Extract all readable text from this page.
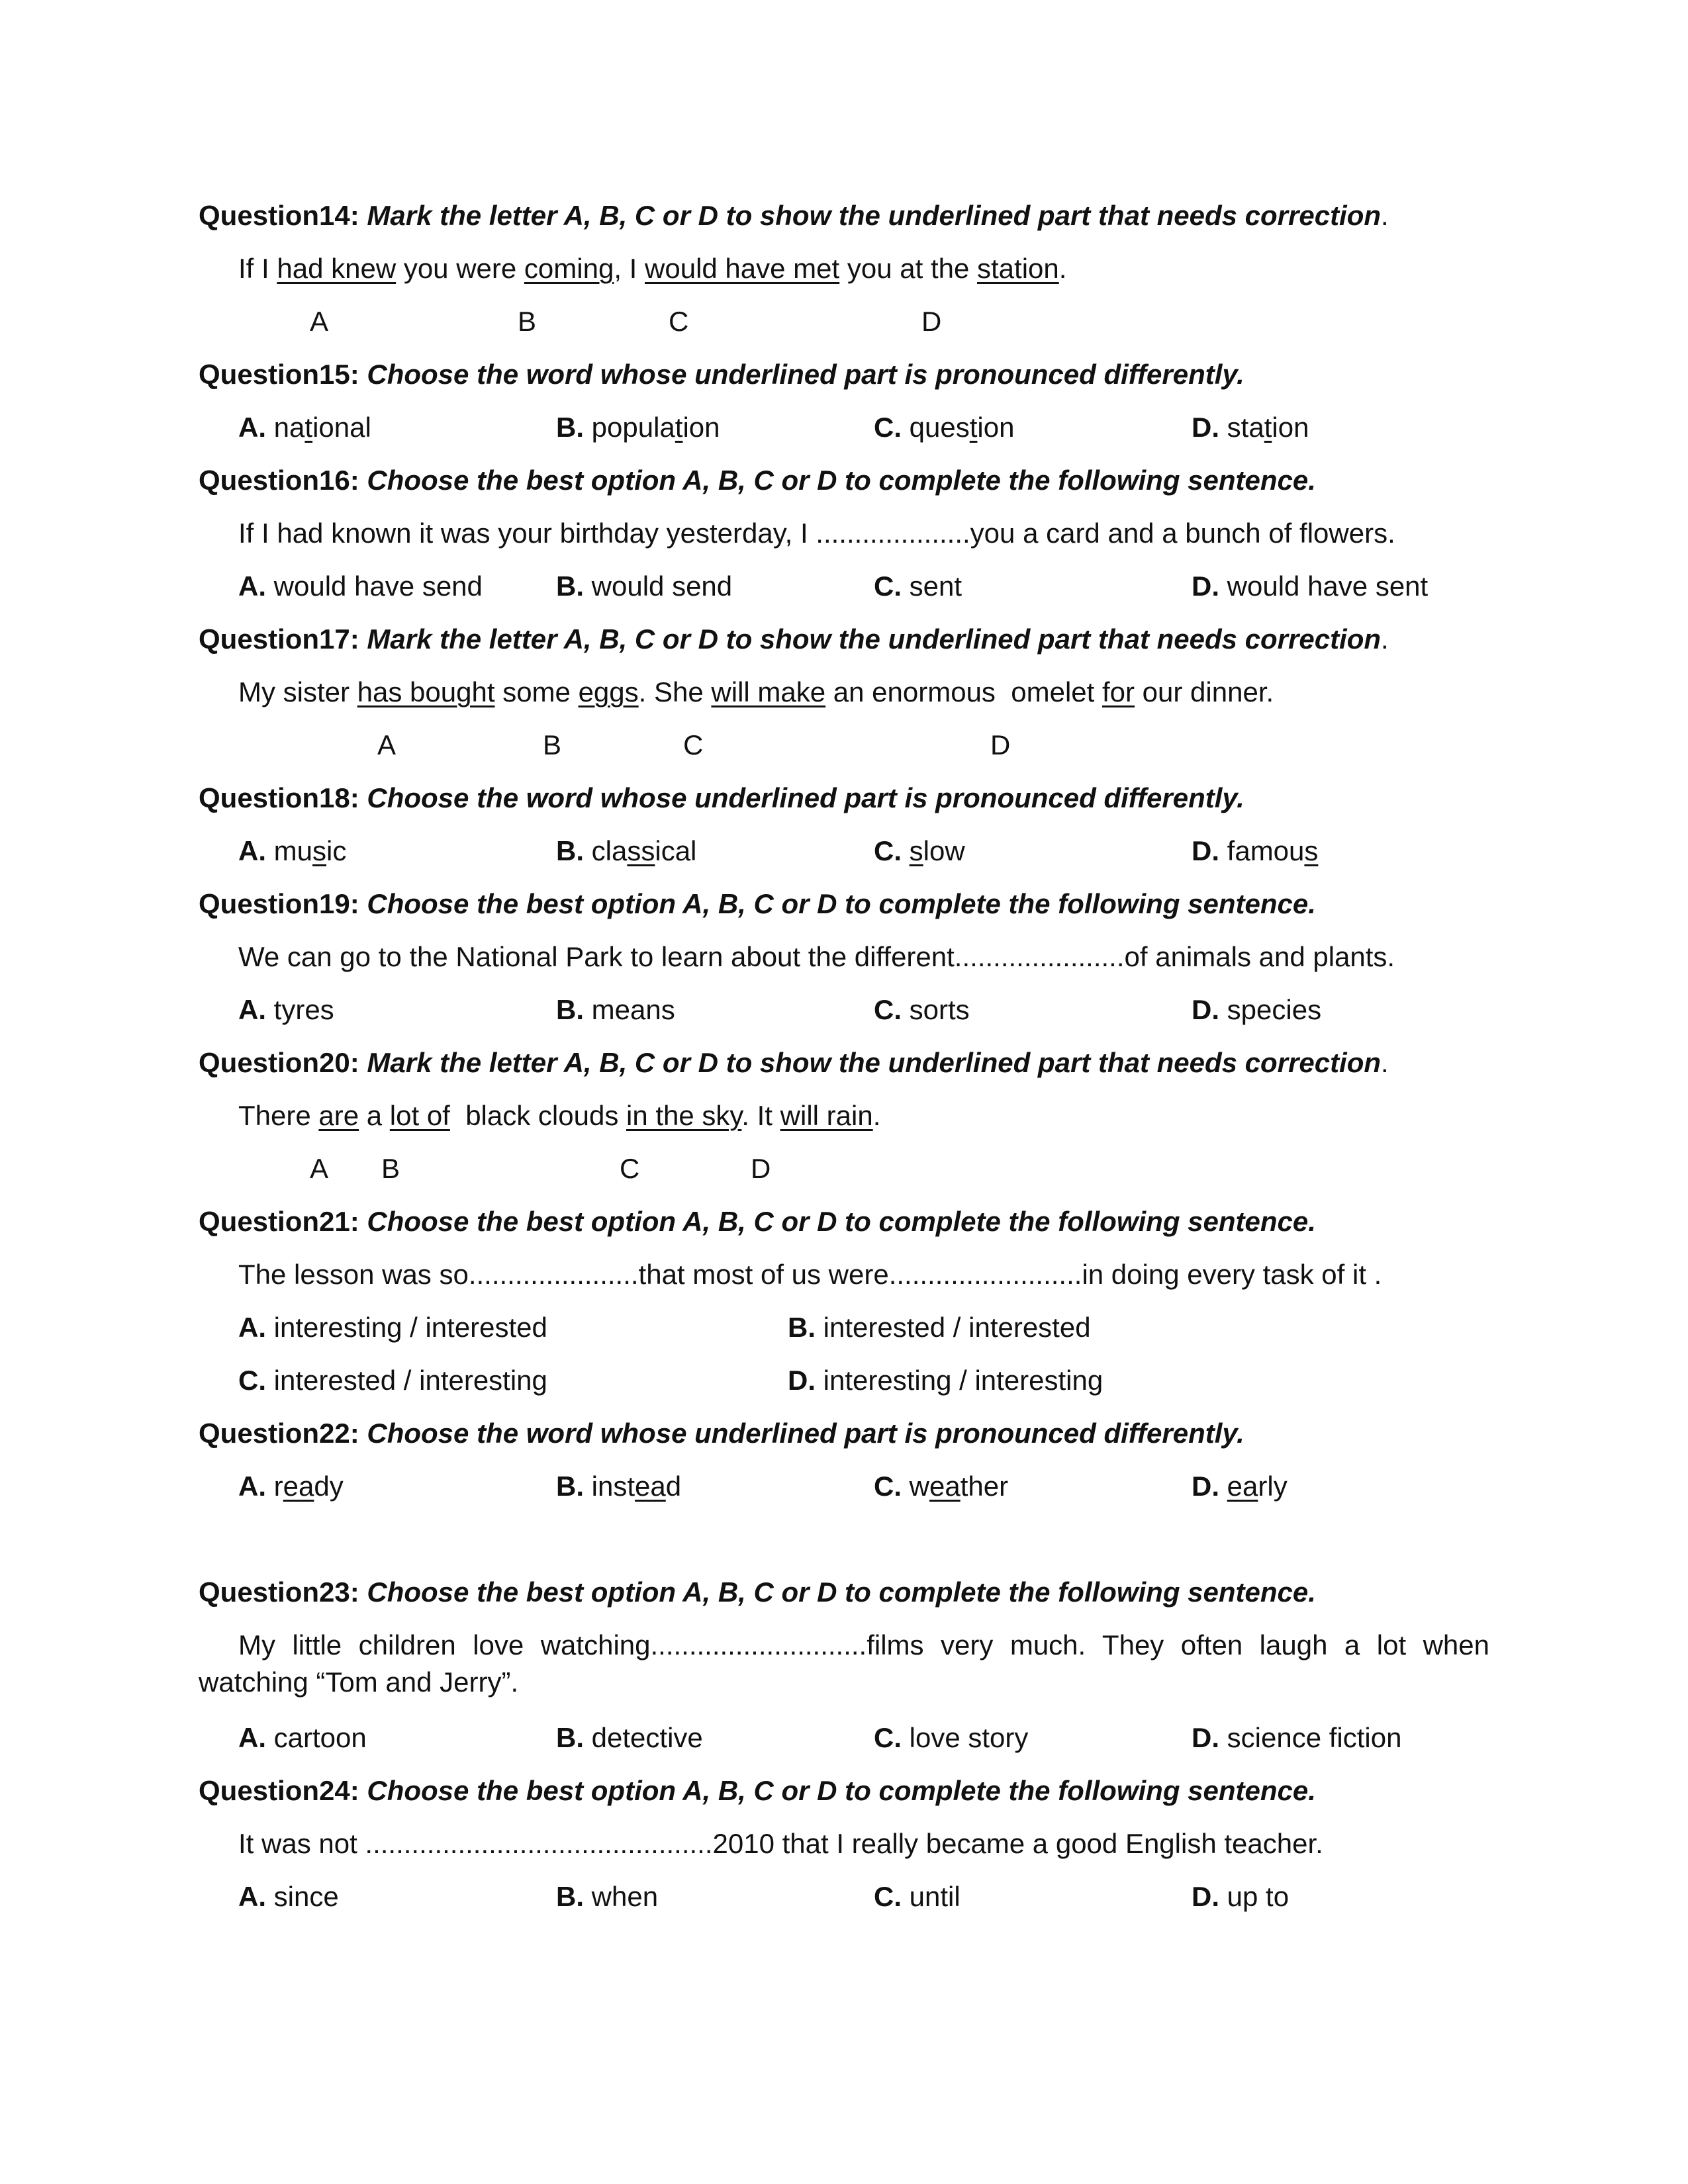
Question14: Mark the letter A, B, C or D to show the underlined part that needs correction.
If I had knew you were coming, I would have met you at the station.
A	B	C	D
Question15: Choose the word whose underlined part is pronounced differently.
A. national	B. population	C. question	D. station
Question16: Choose the best option A, B, C or D to complete the following sentence.
If I had known it was your birthday yesterday, I ....................you a card and a bunch of flowers.
A. would have send	B. would send	C. sent	D. would have sent
Question17: Mark the letter A, B, C or D to show the underlined part that needs correction.
My sister has bought some eggs. She will make an enormous  omelet for our dinner.
A	B	C	D
Question18: Choose the word whose underlined part is pronounced differently.
A. music	B. classical	C. slow	D. famous
Question19: Choose the best option A, B, C or D to complete the following sentence.
We can go to the National Park to learn about the different......................of animals and plants.
A. tyres	B. means	C. sorts	D. species
Question20: Mark the letter A, B, C or D to show the underlined part that needs correction.
There are a lot of  black clouds in the sky. It will rain.
A B	C	D
Question21: Choose the best option A, B, C or D to complete the following sentence.
The lesson was so......................that most of us were.........................in doing every task of it .
A. interesting / interested	B. interested / interested
C. interested / interesting	D. interesting / interesting
Question22: Choose the word whose underlined part is pronounced differently.
A. ready	B. instead	C. weather	D. early
Question23: Choose the best option A, B, C or D to complete the following sentence.
My little children love watching............................films very much. They often laugh a lot when watching “Tom and Jerry”.
A. cartoon	B. detective	C. love story	D. science fiction
Question24: Choose the best option A, B, C or D to complete the following sentence.
It was not .............................................2010 that I really became a good English teacher.
A. since	B. when	C. until	D. up to
